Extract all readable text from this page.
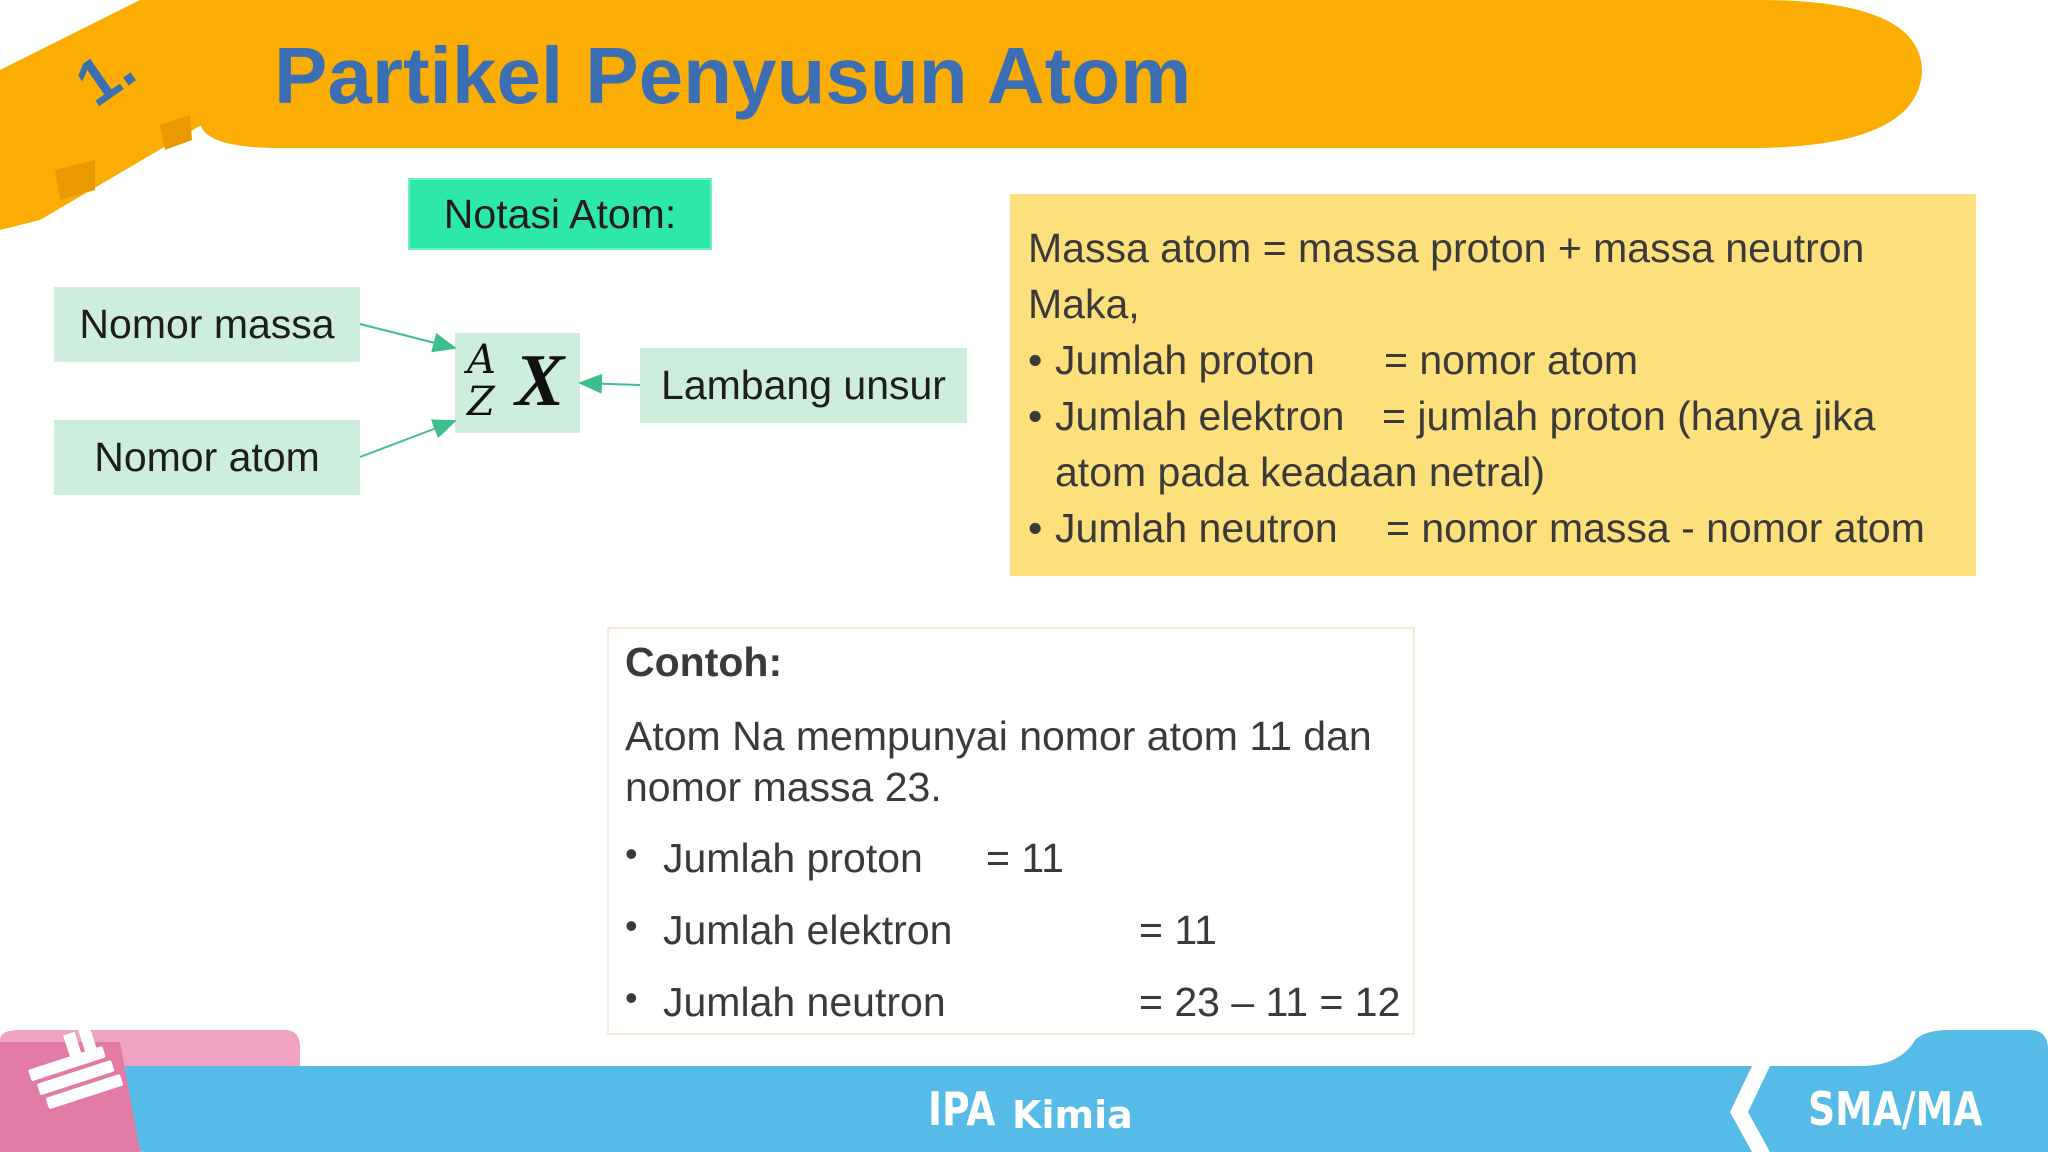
1.	Partikel Penyusun Atom
Notasi Atom:
Nomor massa
Nomor atom
Lambang unsur
A
Z X
Massa atom = massa proton + massa neutron
Maka,
• Jumlah proton = nomor atom
• Jumlah elektron = jumlah proton (hanya jika
atom pada keadaan netral)
• Jumlah neutron = nomor massa - nomor atom
Contoh:
Atom Na mempunyai nomor atom 11 dan nomor massa 23.
• Jumlah proton = 11
• Jumlah elektron	= 11
• Jumlah neutron	= 23 – 11 = 12
IPA Kimia	SMA/MA
